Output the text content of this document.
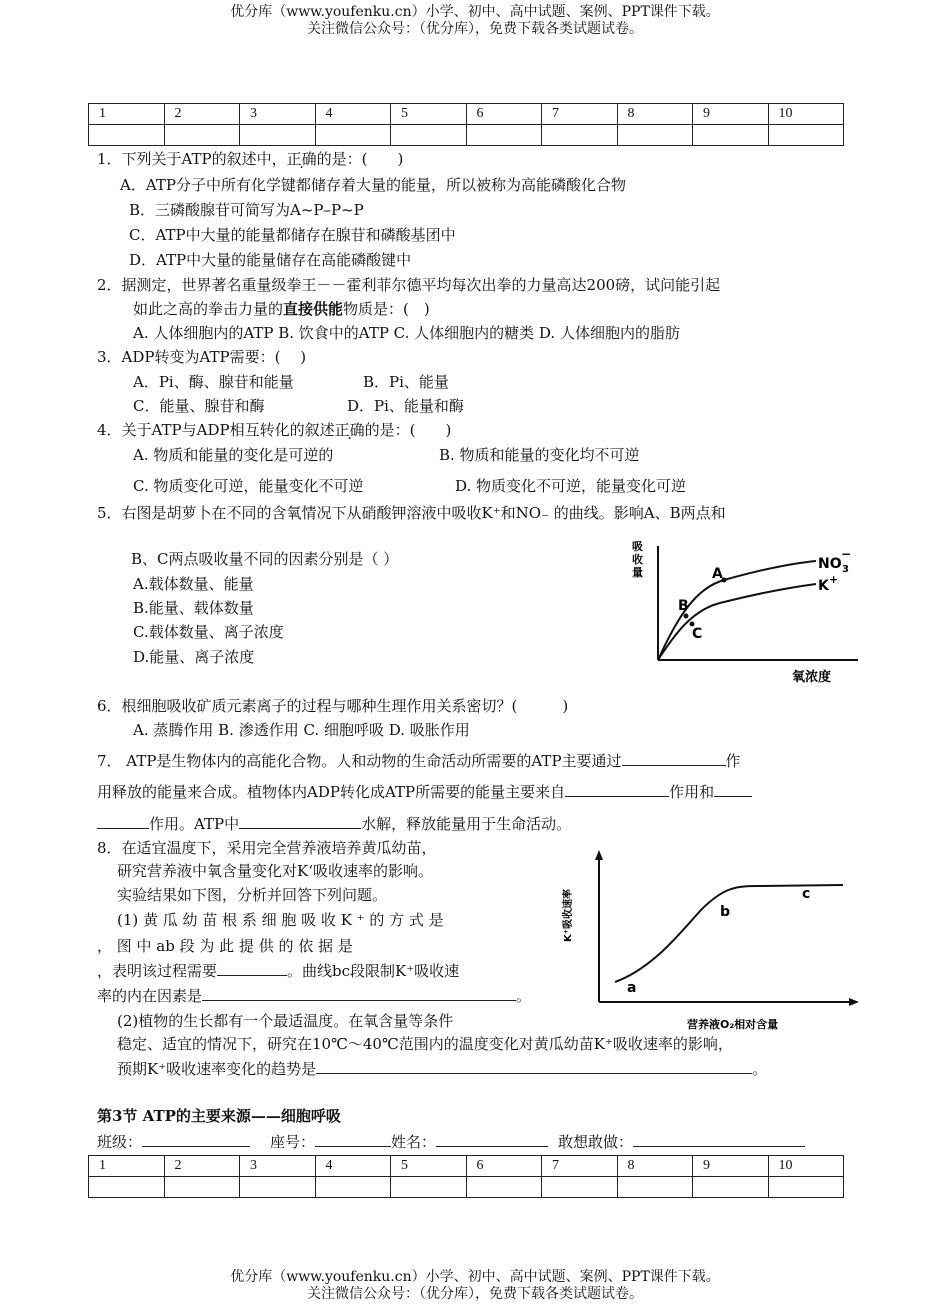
优分库（www.youfenku.cn）小学、初中、高中试题、案例、PPT课件下载。
关注微信公众号：（优分库），免费下载各类试题试卷。
1	2	3	4	5	6	7	8	9	10

1．下列关于ATP的叙述中，正确的是：(　　)
A．ATP分子中所有化学键都储存着大量的能量，所以被称为高能磷酸化合物
B．三磷酸腺苷可简写为A~P–P~P
C．ATP中大量的能量都储存在腺苷和磷酸基团中
D．ATP中大量的能量储存在高能磷酸键中
2．据测定，世界著名重量级拳王－－霍利菲尔德平均每次出拳的力量高达200磅，试问能引起
如此之高的拳击力量的直接供能物质是：(　)
A. 人体细胞内的ATP B. 饮食中的ATP C. 人体细胞内的糖类 D. 人体细胞内的脂肪
3．ADP转变为ATP需要：(　 )
A．Pi、酶、腺苷和能量	B．Pi、能量
C．能量、腺苷和酶	D．Pi、能量和酶
4．关于ATP与ADP相互转化的叙述正确的是：(　　)
A. 物质和能量的变化是可逆的	B. 物质和能量的变化均不可逆
C. 物质变化可逆，能量变化不可逆	D. 物质变化不可逆，能量变化可逆
5．右图是胡萝卜在不同的含氧情况下从硝酸钾溶液中吸收K⁺和NO₋ 的曲线。影响A、B两点和
B、C两点吸收量不同的因素分别是（ ）
A.载体数量、能量
B.能量、载体数量
C.载体数量、离子浓度
D.能量、离子浓度
吸
收
量	A
B
C
NO 3
−
K +
氧浓度
6．根细胞吸收矿质元素离子的过程与哪种生理作用关系密切？(　　　)
A. 蒸腾作用 B. 渗透作用 C. 细胞呼吸 D. 吸胀作用
7． ATP是生物体内的高能化合物。人和动物的生命活动所需要的ATP主要通过	作
用释放的能量来合成。植物体内ADP转化成ATP所需要的能量主要来自	作用和
作用。ATP中	水解，释放能量用于生命活动。
8．在适宜温度下，采用完全营养液培养黄瓜幼苗，
研究营养液中氧含量变化对K‘吸收速率的影响。
实验结果如下图，分析并回答下列问题。
(1) 黄 瓜 幼 苗 根 系 细 胞 吸 收 K ⁺ 的 方 式 是
， 图 中 ab 段 为 此 提 供 的 依 据 是
，表明该过程需要	。曲线bc段限制K⁺吸收速
率的内在因素是	。
(2)植物的生长都有一个最适温度。在氧含量等条件
稳定、适宜的情况下，研究在10℃～40℃范围内的温度变化对黄瓜幼苗K⁺吸收速率的影响，
预期K⁺吸收速率变化的趋势是	。
K⁺吸收速率
a
b
c
营养液O₂相对含量
第3节 ATP的主要来源——细胞呼吸
班级：	座号：	姓名：	敢想敢做：
1	2	3	4	5	6	7	8	9	10

优分库（www.youfenku.cn）小学、初中、高中试题、案例、PPT课件下载。
关注微信公众号：（优分库），免费下载各类试题试卷。
